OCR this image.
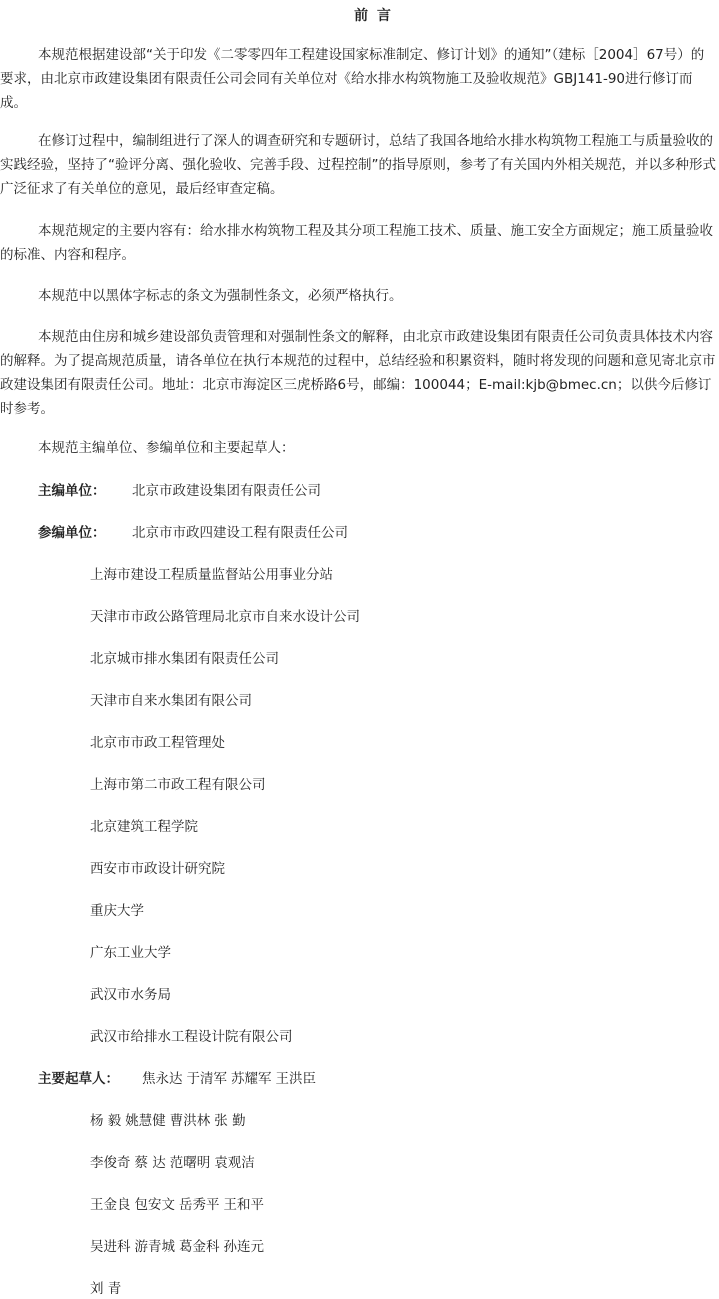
前 言
本规范根据建设部“关于印发《二零零四年工程建设国家标准制定、修订计划》的通知”（建标［2004］67号）的要求，由北京市政建设集团有限责任公司会同有关单位对《给水排水构筑物施工及验收规范》GBJ141-90进行修订而成。
在修订过程中，编制组进行了深人的调查研究和专题研讨，总结了我国各地给水排水构筑物工程施工与质量验收的实践经验，坚持了“验评分离、强化验收、完善手段、过程控制”的指导原则，参考了有关国内外相关规范，并以多种形式广泛征求了有关单位的意见，最后经审查定稿。
本规范规定的主要内容有：给水排水构筑物工程及其分项工程施工技术、质量、施工安全方面规定；施工质量验收的标准、内容和程序。
本规范中以黑体字标志的条文为强制性条文，必须严格执行。
本规范由住房和城乡建设部负责管理和对强制性条文的解释，由北京市政建设集团有限责任公司负责具体技术内容的解释。为了提高规范质量，请各单位在执行本规范的过程中，总结经验和积累资料，随时将发现的问题和意见寄北京市政建设集团有限责任公司。地址：北京市海淀区三虎桥路6号，邮编：100044；E-mail:kjb@bmec.cn；以供今后修订时参考。
本规范主编单位、参编单位和主要起草人：
主编单位： 北京市政建设集团有限责任公司
参编单位： 北京市市政四建设工程有限责任公司
上海市建设工程质量监督站公用事业分站
天津市市政公路管理局北京市自来水设计公司
北京城市排水集团有限责任公司
天津市自来水集团有限公司
北京市市政工程管理处
上海市第二市政工程有限公司
北京建筑工程学院
西安市市政设计研究院
重庆大学
广东工业大学
武汉市水务局
武汉市给排水工程设计院有限公司
主要起草人： 焦永达 于清军 苏耀军 王洪臣
杨 毅 姚慧健 曹洪林 张 勤
李俊奇 蔡 达 范曙明 袁观洁
王金良 包安文 岳秀平 王和平
吴进科 游青城 葛金科 孙连元
刘 青
